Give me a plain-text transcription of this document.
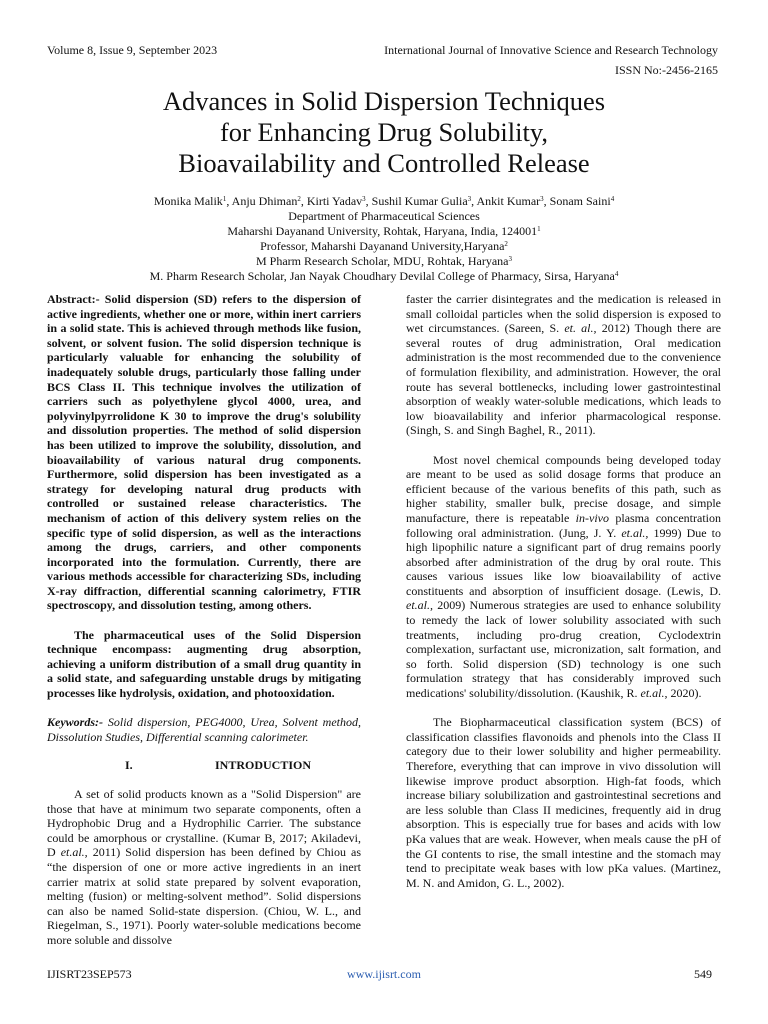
Volume 8, Issue 9, September 2023	International Journal of Innovative Science and Research Technology
ISSN No:-2456-2165
Advances in Solid Dispersion Techniques
for Enhancing Drug Solubility,
Bioavailability and Controlled Release
Monika Malik$^1$, Anju Dhiman$^2$, Kirti Yadav$^3$, Sushil Kumar Gulia$^3$, Ankit Kumar$^3$, Sonam Saini$^4$
Department of Pharmaceutical Sciences
Maharshi Dayanand University, Rohtak, Haryana, India, 124001$^1$
Professor, Maharshi Dayanand University,Haryana$^2$
M Pharm Research Scholar, MDU, Rohtak, Haryana$^3$
M. Pharm Research Scholar, Jan Nayak Choudhary Devilal College of Pharmacy, Sirsa, Haryana$^4$

Abstract:- Solid dispersion (SD) refers to the dispersion of active ingredients, whether one or more, within inert carriers in a solid state. This is achieved through methods like fusion, solvent, or solvent fusion. The solid dispersion technique is particularly valuable for enhancing the solubility of inadequately soluble drugs, particularly those falling under BCS Class II. This technique involves the utilization of carriers such as polyethylene glycol 4000, urea, and polyvinylpyrrolidone K 30 to improve the drug's solubility and dissolution properties. The method of solid dispersion has been utilized to improve the solubility, dissolution, and bioavailability of various natural drug components. Furthermore, solid dispersion has been investigated as a strategy for developing natural drug products with controlled or sustained release characteristics. The mechanism of action of this delivery system relies on the specific type of solid dispersion, as well as the interactions among the drugs, carriers, and other components incorporated into the formulation. Currently, there are various methods accessible for characterizing SDs, including X-ray diffraction, differential scanning calorimetry, FTIR spectroscopy, and dissolution testing, among others.

The pharmaceutical uses of the Solid Dispersion technique encompass: augmenting drug absorption, achieving a uniform distribution of a small drug quantity in a solid state, and safeguarding unstable drugs by mitigating processes like hydrolysis, oxidation, and photooxidation.

Keywords:- Solid dispersion, PEG4000, Urea, Solvent method, Dissolution Studies, Differential scanning calorimeter.

I.	INTRODUCTION

A set of solid products known as a "Solid Dispersion" are those that have at minimum two separate components, often a Hydrophobic Drug and a Hydrophilic Carrier. The substance could be amorphous or crystalline. (Kumar B, 2017; Akiladevi, D et.al., 2011) Solid dispersion has been defined by Chiou as “the dispersion of one or more active ingredients in an inert carrier matrix at solid state prepared by solvent evaporation, melting (fusion) or melting-solvent method”. Solid dispersions can also be named Solid-state dispersion. (Chiou, W. L., and Riegelman, S., 1971). Poorly water-soluble medications become more soluble and dissolve

faster the carrier disintegrates and the medication is released in small colloidal particles when the solid dispersion is exposed to wet circumstances. (Sareen, S. et. al., 2012) Though there are several routes of drug administration, Oral medication administration is the most recommended due to the convenience of formulation flexibility, and administration. However, the oral route has several bottlenecks, including lower gastrointestinal absorption of weakly water-soluble medications, which leads to low bioavailability and inferior pharmacological response. (Singh, S. and Singh Baghel, R., 2011).

Most novel chemical compounds being developed today are meant to be used as solid dosage forms that produce an efficient because of the various benefits of this path, such as higher stability, smaller bulk, precise dosage, and simple manufacture, there is repeatable in-vivo plasma concentration following oral administration. (Jung, J. Y. et.al., 1999) Due to high lipophilic nature a significant part of drug remains poorly absorbed after administration of the drug by oral route. This causes various issues like low bioavailability of active constituents and absorption of insufficient dosage. (Lewis, D. et.al., 2009) Numerous strategies are used to enhance solubility to remedy the lack of lower solubility associated with such treatments, including pro-drug creation, Cyclodextrin complexation, surfactant use, micronization, salt formation, and so forth. Solid dispersion (SD) technology is one such formulation strategy that has considerably improved such medications' solubility/dissolution. (Kaushik, R. et.al., 2020).

The Biopharmaceutical classification system (BCS) of classification classifies flavonoids and phenols into the Class II category due to their lower solubility and higher permeability. Therefore, everything that can improve in vivo dissolution will likewise improve product absorption. High-fat foods, which increase biliary solubilization and gastrointestinal secretions and are less soluble than Class II medicines, frequently aid in drug absorption. This is especially true for bases and acids with low pKa values that are weak. However, when meals cause the pH of the GI contents to rise, the small intestine and the stomach may tend to precipitate weak bases with low pKa values. (Martinez, M. N. and Amidon, G. L., 2002).

IJISRT23SEP573	www.ijisrt.com	549
